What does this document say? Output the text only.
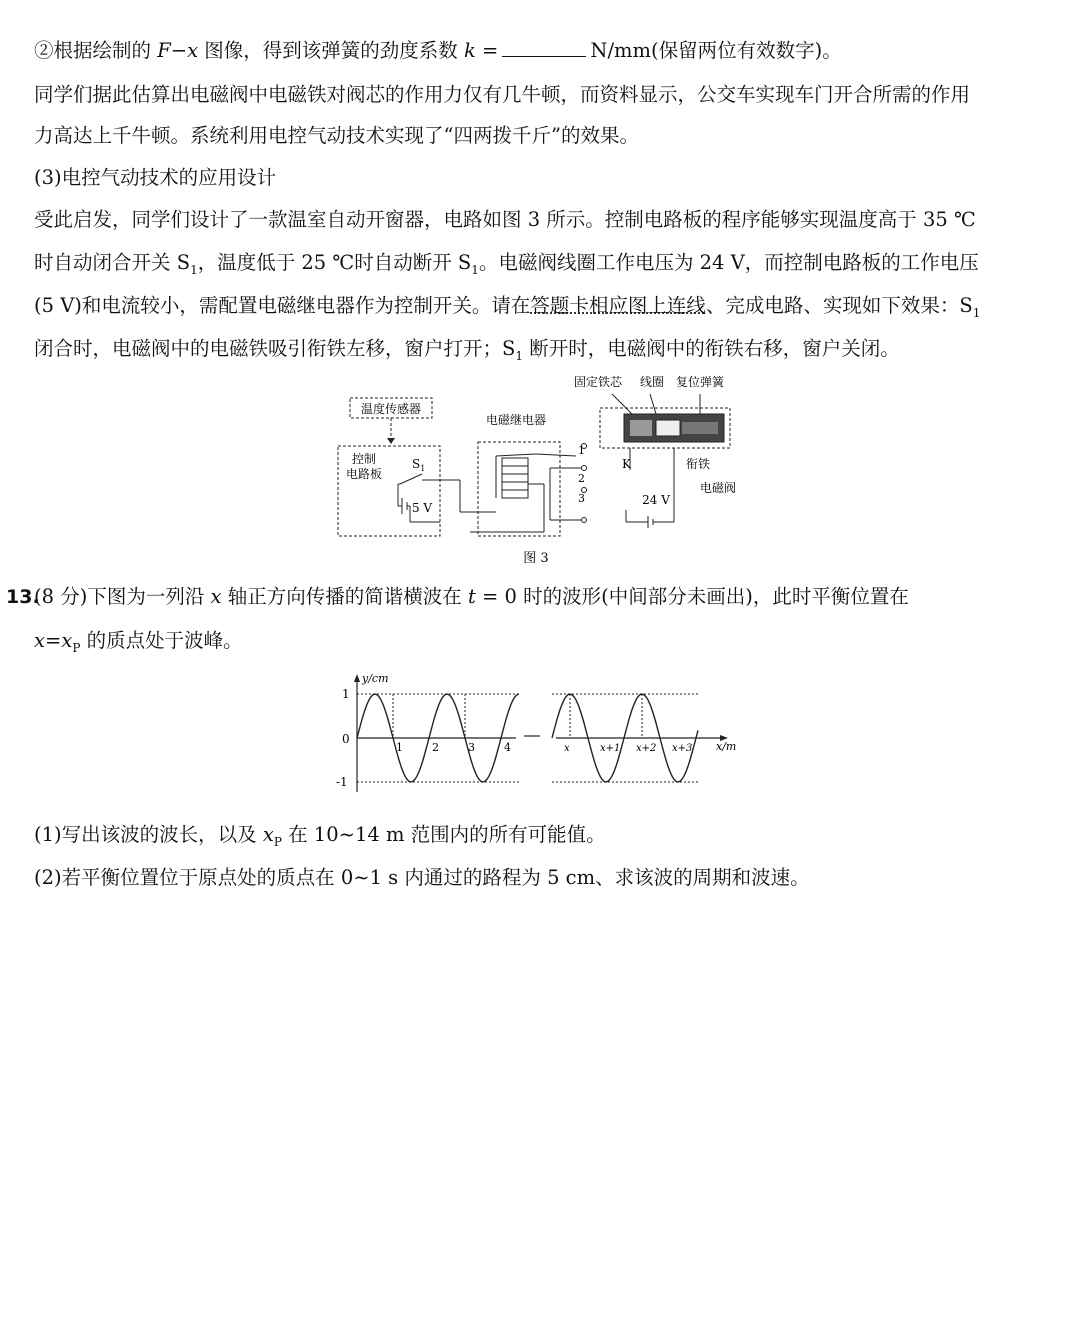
②根据绘制的 F−x 图像，得到该弹簧的劲度系数 k =	N/mm(保留两位有效数字)。
同学们据此估算出电磁阀中电磁铁对阀芯的作用力仅有几牛顿，而资料显示，公交车实现车门开合所需的作用
力高达上千牛顿。系统利用电控气动技术实现了“四两拨千斤”的效果。
(3)电控气动技术的应用设计
受此启发，同学们设计了一款温室自动开窗器，电路如图 3 所示。控制电路板的程序能够实现温度高于 35 ℃
时自动闭合开关 $S_1$，温度低于 25 ℃时自动断开 $S_1$。电磁阀线圈工作电压为 24 V，而控制电路板的工作电压
(5 V)和电流较小，需配置电磁继电器作为控制开关。请在答题卡相应图上连线、完成电路、实现如下效果：$S_1$
闭合时，电磁阀中的电磁铁吸引衔铁左移，窗户打开；$S_1$ 断开时，电磁阀中的衔铁右移，窗户关闭。
温度传感器
控制
电路板
$S_1$
5 V
电磁继电器
1
2
3
固定铁芯 线圈 复位弹簧
K	衔铁
电磁阀
24 V
图 3
13.
(8 分)下图为一列沿 x 轴正方向传播的简谐横波在 t = 0 时的波形(中间部分未画出)，此时平衡位置在
$x=x_P$ 的质点处于波峰。
y/cm
x/m
1
0
-1
1	2	3	4	x	x+1 x+2 x+3
(1)写出该波的波长，以及 $x_P$ 在 10∼14 m 范围内的所有可能值。
(2)若平衡位置位于原点处的质点在 0∼1 s 内通过的路程为 5 cm、求该波的周期和波速。
